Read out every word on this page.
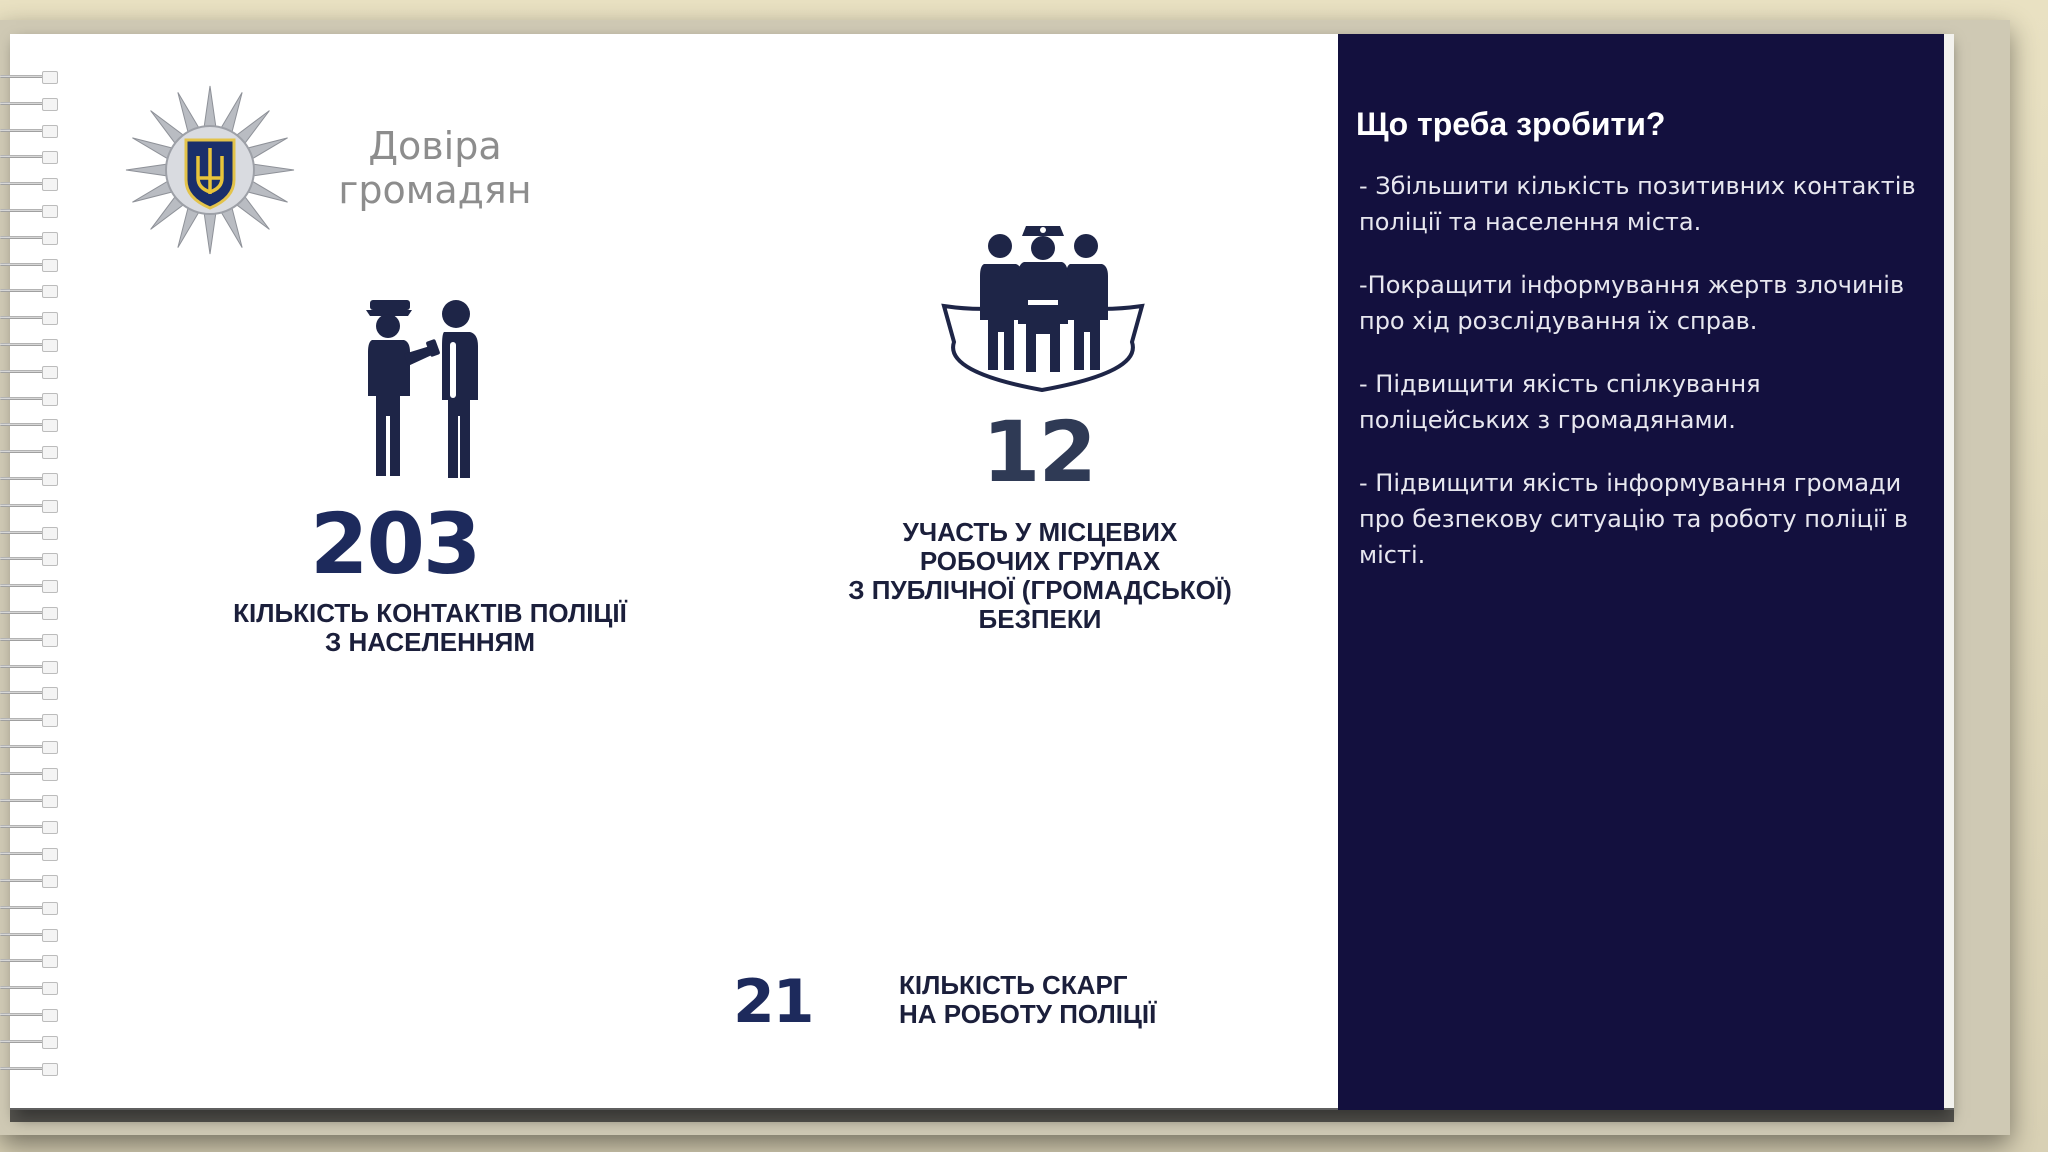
Довіра
громадян

203

12

21

КІЛЬКІСТЬ КОНТАКТІВ ПОЛІЦІЇ
З НАСЕЛЕННЯМ

УЧАСТЬ У МІСЦЕВИХ
РОБОЧИХ ГРУПАХ
З ПУБЛІЧНОЇ (ГРОМАДСЬКОЇ)
БЕЗПЕКИ

КІЛЬКІСТЬ СКАРГ
НА РОБОТУ ПОЛІЦІЇ

Що треба зробити?

- Збільшити кількість позитивних контактів поліції та населення міста.

-Покращити інформування жертв злочинів про хід розслідування їх справ.

- Підвищити якість спілкування поліцейських з громадянами.

- Підвищити якість інформування громади про безпекову ситуацію та роботу поліції в місті.
